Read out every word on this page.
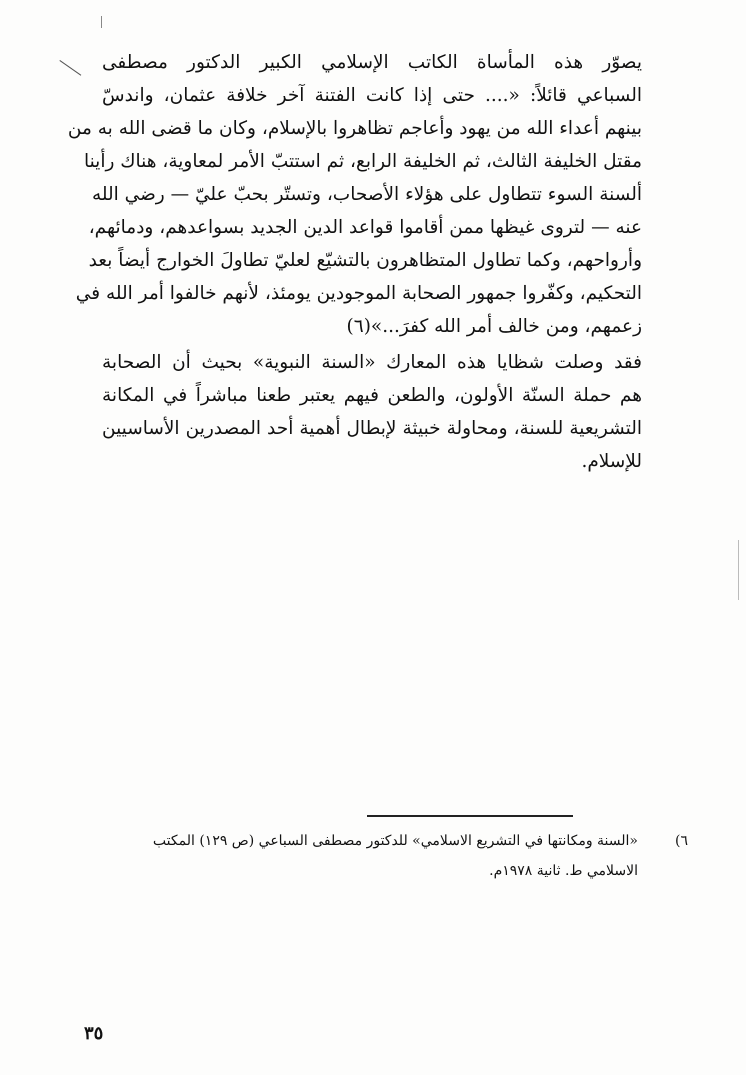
يصوّر هذه المأساة الكاتب الإسلامي الكبير الدكتور مصطفى
السباعي قائلاً: «.... حتى إذا كانت الفتنة آخر خلافة عثمان، واندسّ
بينهم أعداء الله من يهود وأعاجم تظاهروا بالإسلام، وكان ما قضى الله به من
مقتل الخليفة الثالث، ثم الخليفة الرابع، ثم استتبّ الأمر لمعاوية، هناك رأينا
ألسنة السوء تتطاول على هؤلاء الأصحاب، وتستّر بحبّ عليّ — رضي الله
عنه — لتروى غيظها ممن أقاموا قواعد الدين الجديد بسواعدهم، ودمائهم،
وأرواحهم، وكما تطاول المتظاهرون بالتشيّع لعليّ تطاولَ الخوارج أيضاً بعد
التحكيم، وكفّروا جمهور الصحابة الموجودين يومئذ، لأنهم خالفوا أمر الله في
زعمهم، ومن خالف أمر الله كفرَ...»(٦)
فقد وصلت شظايا هذه المعارك «السنة النبوية» بحيث أن الصحابة
هم حملة السنّة الأولون، والطعن فيهم يعتبر طعنا مباشراً في المكانة
التشريعية للسنة، ومحاولة خبيثة لإبطال أهمية أحد المصدرين الأساسيين
للإسلام.
٦)
«السنة ومكانتها في التشريع الاسلامي» للدكتور مصطفى السباعي (ص ١٢٩) المكتب
الاسلامي ط. ثانية ١٩٧٨م.
٣٥
